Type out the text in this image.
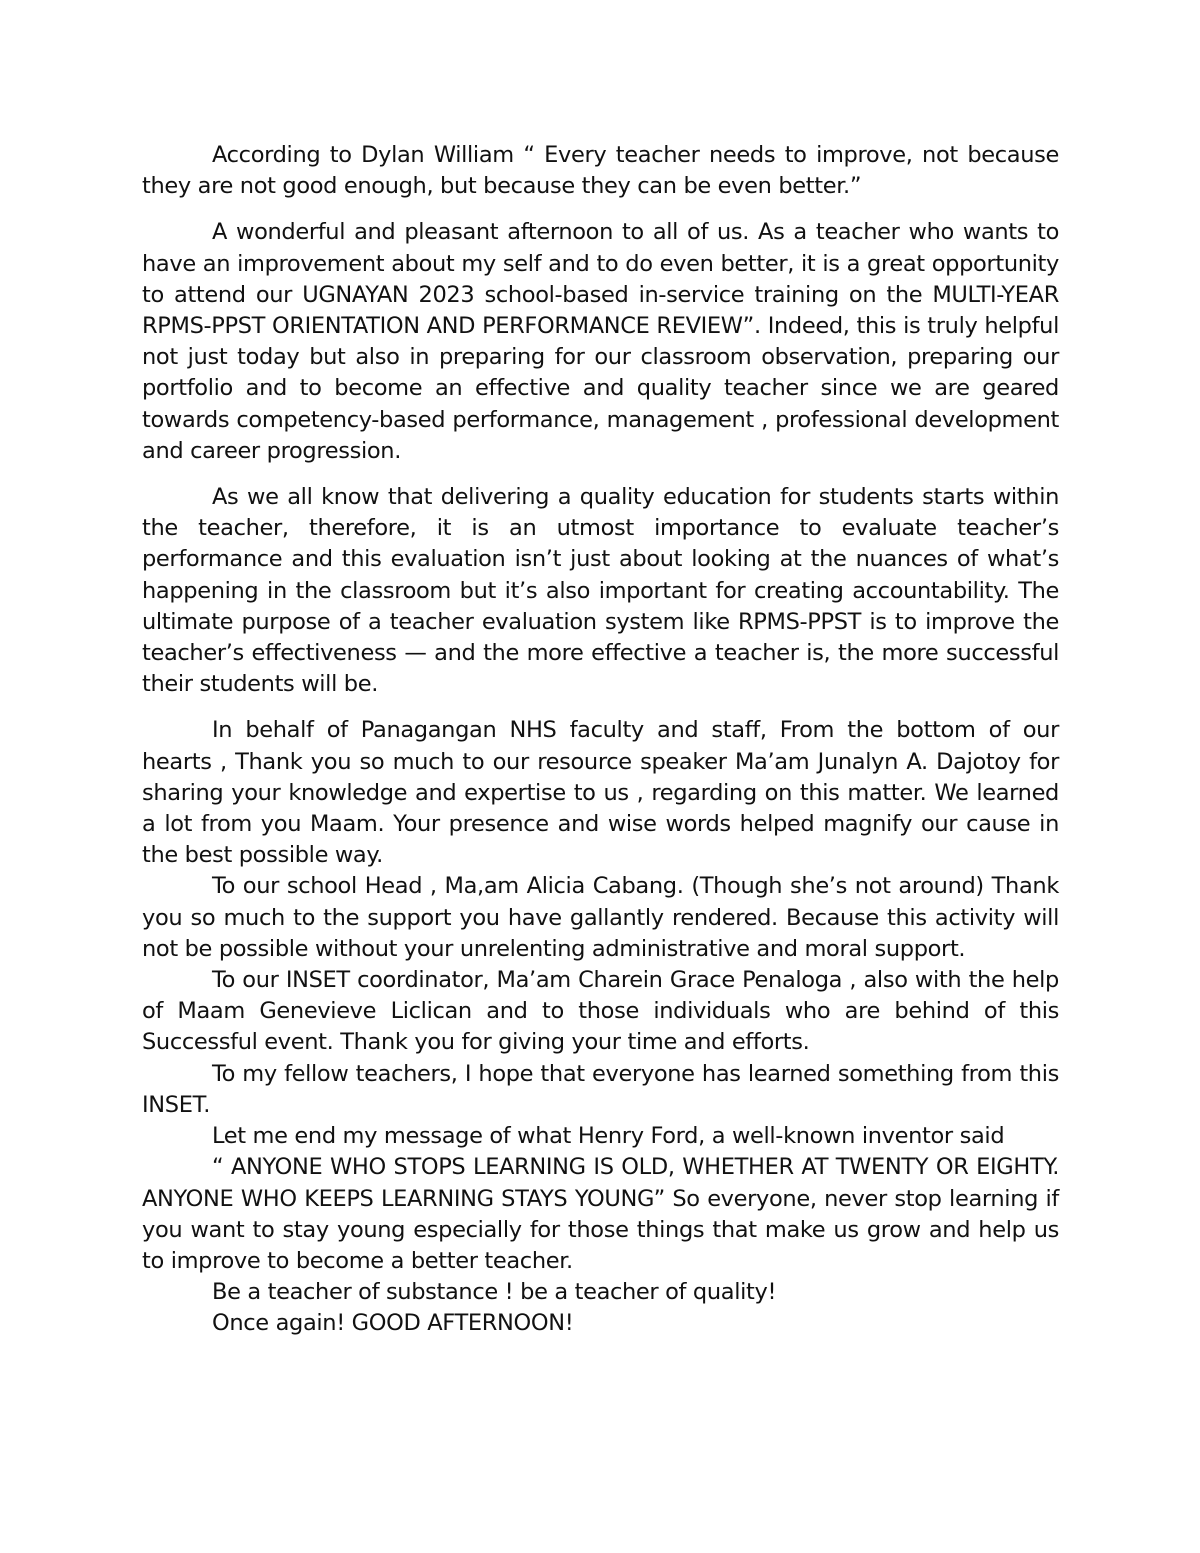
According to Dylan William “ Every teacher needs to improve, not because they are not good enough, but because they can be even better.”

A wonderful and pleasant afternoon to all of us. As a teacher who wants to have an improvement about my self and to do even better, it is a great opportunity to attend our UGNAYAN 2023 school-based in-service training on the MULTI-YEAR RPMS-PPST ORIENTATION AND PERFORMANCE REVIEW”. Indeed, this is truly helpful not just today but also in preparing for our classroom observation, preparing our portfolio and to become an effective and quality teacher since we are geared towards competency-based performance, management , professional development and career progression.

As we all know that delivering a quality education for students starts within the teacher, therefore, it is an utmost importance to evaluate teacher’s performance and this evaluation isn’t just about looking at the nuances of what’s happening in the classroom but it’s also important for creating accountability. The ultimate purpose of a teacher evaluation system like RPMS-PPST is to improve the teacher’s effectiveness — and the more effective a teacher is, the more successful their students will be.

In behalf of Panagangan NHS faculty and staff, From the bottom of our hearts , Thank you so much to our resource speaker Ma’am Junalyn A. Dajotoy for sharing your knowledge and expertise to us , regarding on this matter. We learned a lot from you Maam. Your presence and wise words helped magnify our cause in the best possible way.

To our school Head , Ma,am Alicia Cabang. (Though she’s not around) Thank you so much to the support you have gallantly rendered. Because this activity will not be possible without your unrelenting administrative and moral support.

To our INSET coordinator, Ma’am Charein Grace Penaloga , also with the help of Maam Genevieve Liclican and to those individuals who are behind of this Successful event. Thank you for giving your time and efforts.

To my fellow teachers, I hope that everyone has learned something from this INSET.

Let me end my message of what Henry Ford, a well-known inventor said

“ ANYONE WHO STOPS LEARNING IS OLD, WHETHER AT TWENTY OR EIGHTY. ANYONE WHO KEEPS LEARNING STAYS YOUNG” So everyone, never stop learning if you want to stay young especially for those things that make us grow and help us to improve to become a better teacher.

Be a teacher of substance ! be a teacher of quality!

Once again! GOOD AFTERNOON!
